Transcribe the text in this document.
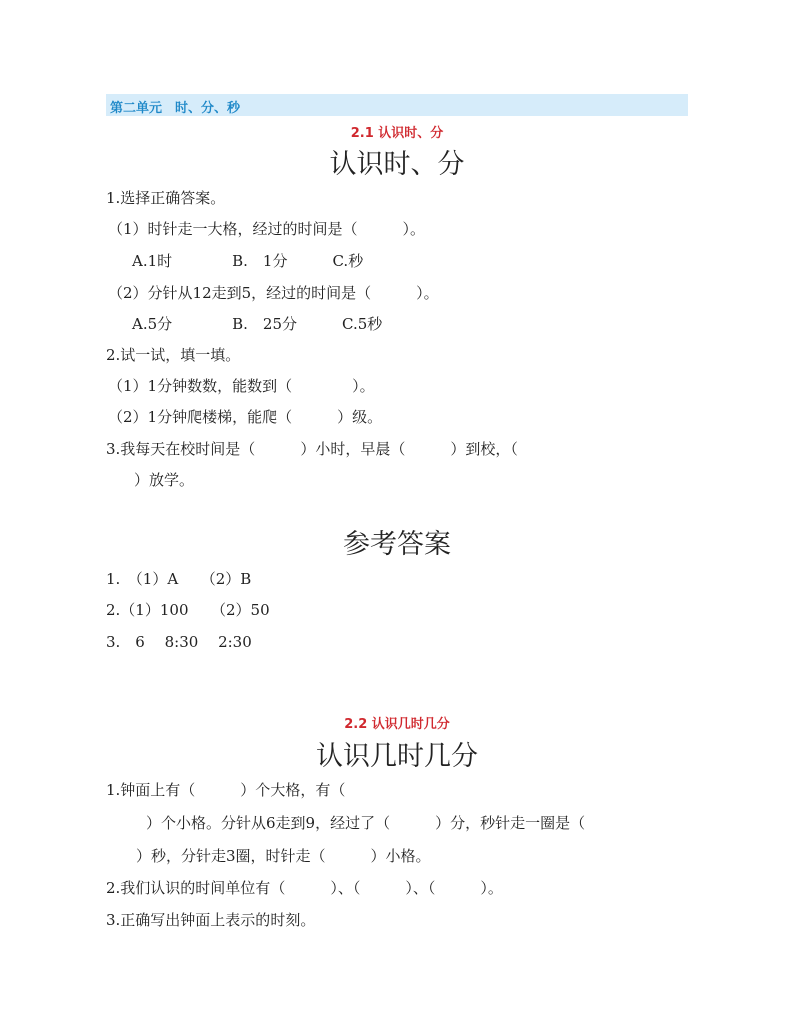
第二单元　时、分、秒
2.1 认识时、分
认识时、分
1.选择正确答案。
（1）时针走一大格，经过的时间是（　　　）。
A.1时　　　　B.　1分　　　C.秒
（2）分针从12走到5，经过的时间是（　　　）。
A.5分　　　　B.　25分　　　C.5秒
2.试一试，填一填。
（1）1分钟数数，能数到（　　　　）。
（2）1分钟爬楼梯，能爬（　　　）级。
3.我每天在校时间是（　　　）小时，早晨（　　　）到校，（
）放学。
参考答案
1.　（1）A　　（2）B
2.（1）100　　（2）50
3.　6　 8:30　 2:30
2.2 认识几时几分
认识几时几分
1.钟面上有（　　　）个大格，有（
）个小格。分针从6走到9，经过了（　　　）分，秒针走一圈是（
）秒，分针走3圈，时针走（　　　）小格。
2.我们认识的时间单位有（　　　）、（　　　）、（　　　）。
3.正确写出钟面上表示的时刻。
